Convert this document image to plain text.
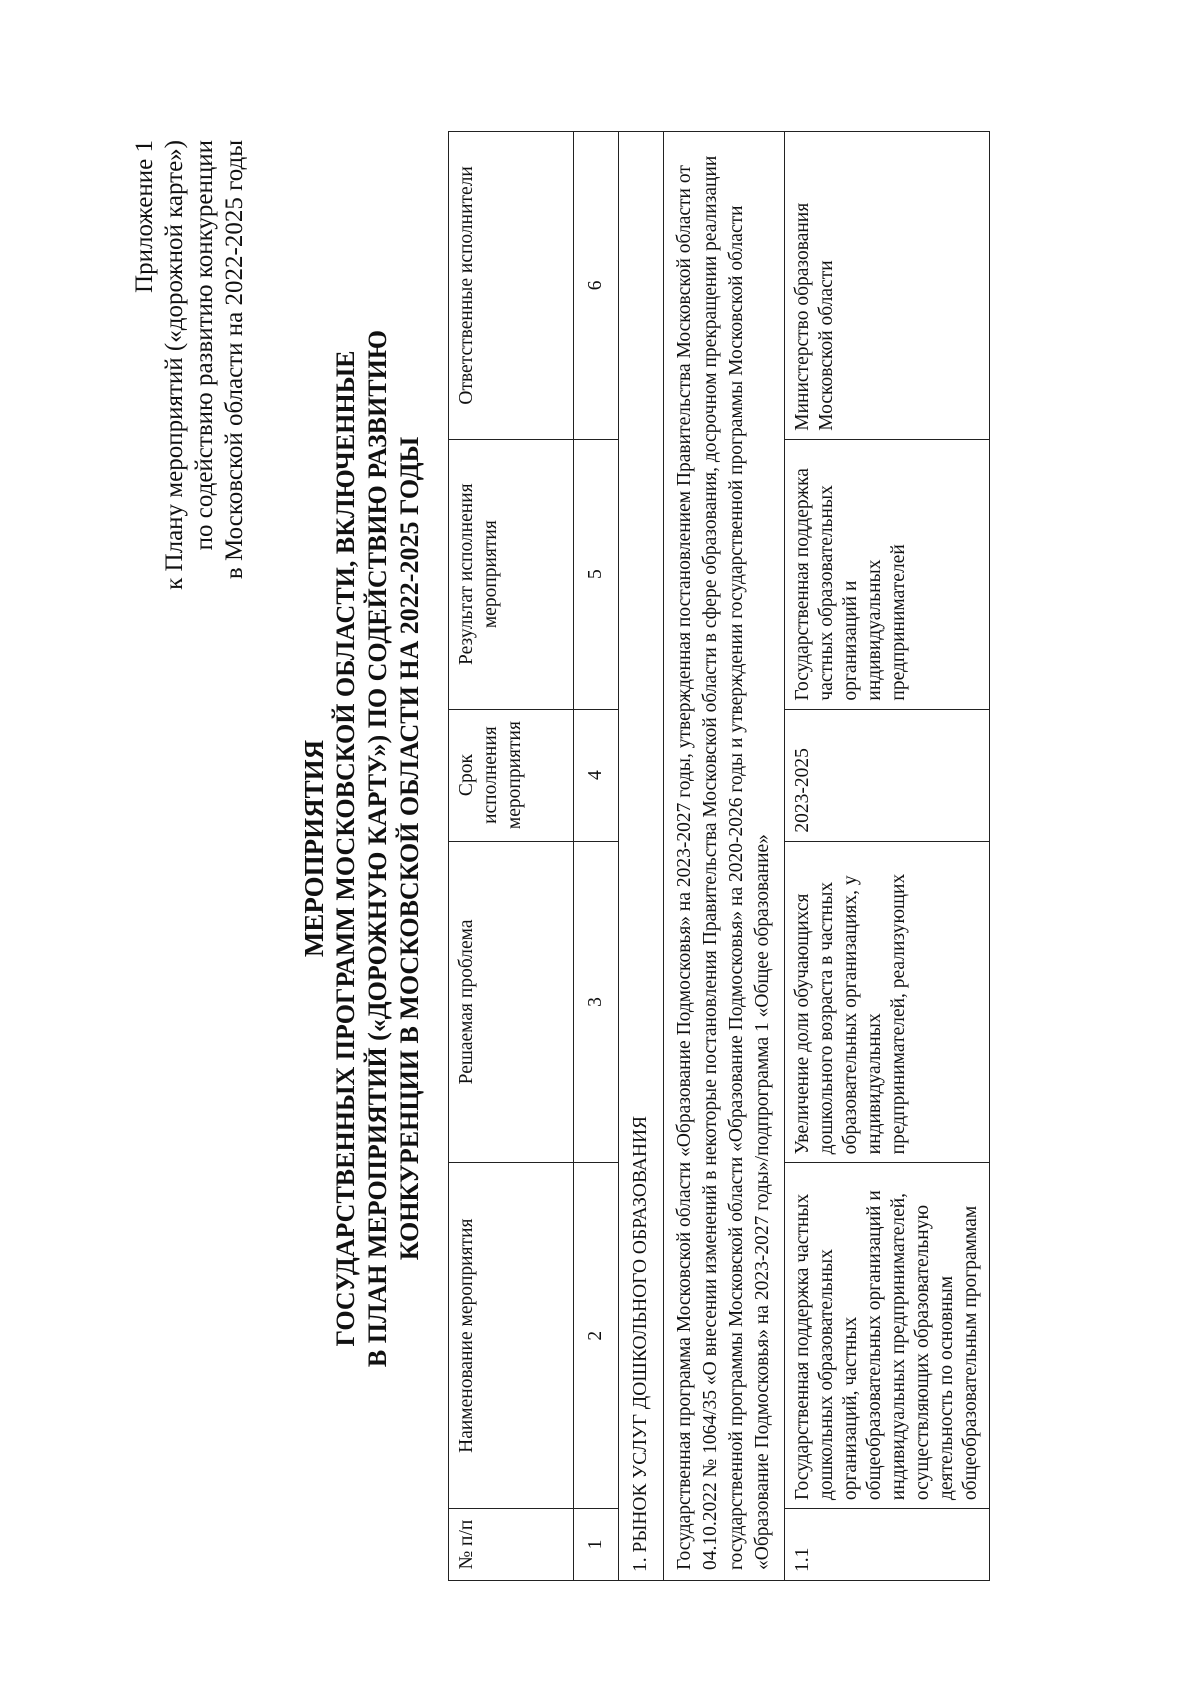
Приложение 1 к Плану мероприятий («дорожной карте») по содействию развитию конкуренции в Московской области на 2022-2025 годы
МЕРОПРИЯТИЯ ГОСУДАРСТВЕННЫХ ПРОГРАММ МОСКОВСКОЙ ОБЛАСТИ, ВКЛЮЧЕННЫЕ В ПЛАН МЕРОПРИЯТИЙ («ДОРОЖНУЮ КАРТУ») ПО СОДЕЙСТВИЮ РАЗВИТИЮ КОНКУРЕНЦИИ В МОСКОВСКОЙ ОБЛАСТИ НА 2022-2025 ГОДЫ
№ п/п	Наименование мероприятия	Решаемая проблема	Срок исполнения мероприятия	Результат исполнения мероприятия	Ответственные исполнители
1	2	3	4	5	6
1. РЫНОК УСЛУГ ДОШКОЛЬНОГО ОБРАЗОВАНИЯ					
Государственная программа Московской области «Образование Подмосковья» на 2023-2027 годы, утвержденная постановлением Правительства Московской области от 04.10.2022 № 1064/35 «О внесении изменений в некоторые постановления Правительства Московской области в сфере образования, досрочном прекращении реализации государственной программы Московской области «Образование Подмосковья» на 2020-2026 годы и утверждении государственной программы Московской области «Образование Подмосковья» на 2023-2027 годы»/подпрограмма 1 «Общее образование»					
1.1	Государственная поддержка частных дошкольных образовательных организаций, частных общеобразовательных организаций и индивидуальных предпринимателей, осуществляющих образовательную деятельность по основным общеобразовательным программам	Увеличение доли обучающихся дошкольного возраста в частных образовательных организациях, у индивидуальных предпринимателей, реализующих	2023-2025	Государственная поддержка частных образовательных организаций и индивидуальных предпринимателей	Министерство образования Московской области
